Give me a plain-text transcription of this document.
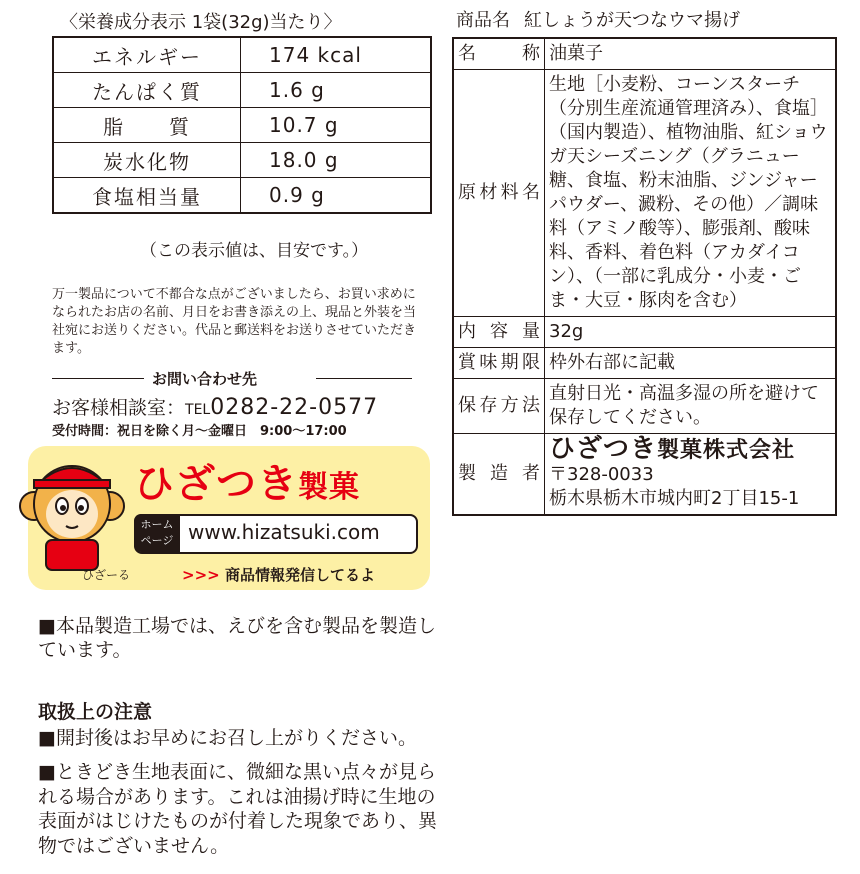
〈栄養成分表示 1袋(32g)当たり〉
エネルギー	174 kcal
たんぱく質	1.6 g
脂　　質	10.7 g
炭水化物	18.0 g
食塩相当量	0.9 g
（この表示値は、目安です。）
万一製品について不都合な点がございましたら、お買い求めになられたお店の名前、月日をお書き添えの上、現品と外装を当社宛にお送りください。代品と郵送料をお送りさせていただきます。
お問い合わせ先
お客様相談室：TEL0282-22-0577
受付時間：祝日を除く月〜金曜日　9:00〜17:00
ひざつき製菓
ホーム ページ www.hizatsuki.com
ひざーる	>>> 商品情報発信してるよ
■本品製造工場では、えびを含む製品を製造しています。
取扱上の注意
■開封後はお早めにお召し上がりください。
■ときどき生地表面に、微細な黒い点々が見られる場合があります。これは油揚げ時に生地の表面がはじけたものが付着した現象であり、異物ではございません。
商品名 紅しょうが天つなウマ揚げ
名称	油菓子
原材料名	生地［小麦粉、コーンスターチ（分別生産流通管理済み）、食塩］（国内製造）、植物油脂、紅ショウガ天シーズニング（グラニュー糖、食塩、粉末油脂、ジンジャーパウダー、澱粉、その他）／調味料（アミノ酸等）、膨張剤、酸味料、香料、着色料（アカダイコン）、（一部に乳成分・小麦・ごま・大豆・豚肉を含む）
内容量	32g
賞味期限	枠外右部に記載
保存方法	直射日光・高温多湿の所を避けて保存してください。
製造者	ひざつき製菓株式会社
〒328-0033
栃木県栃木市城内町2丁目15-1
